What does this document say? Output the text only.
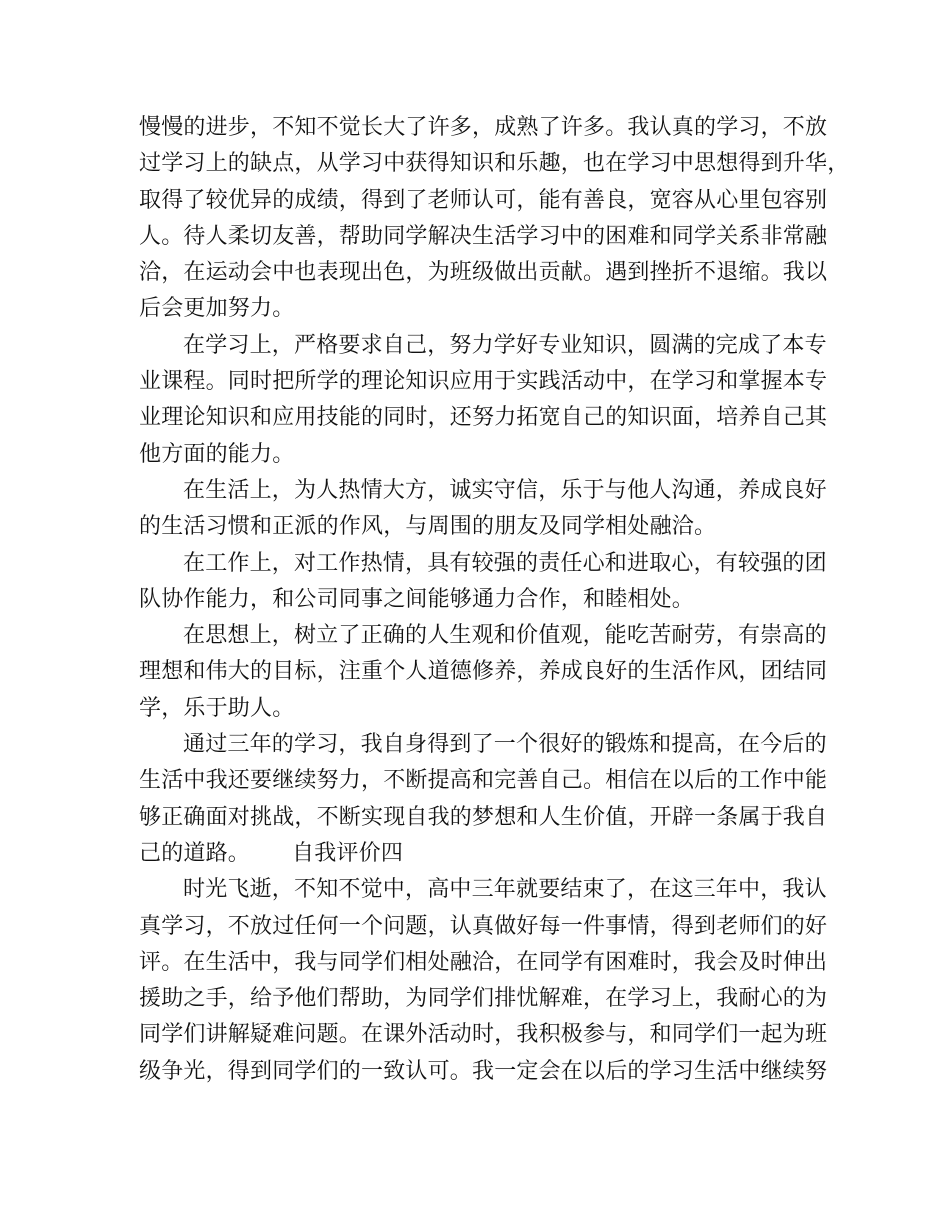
慢慢的进步，不知不觉长大了许多，成熟了许多。我认真的学习，不放
过学习上的缺点，从学习中获得知识和乐趣，也在学习中思想得到升华，
取得了较优异的成绩，得到了老师认可，能有善良，宽容从心里包容别
人。待人柔切友善，帮助同学解决生活学习中的困难和同学关系非常融
洽，在运动会中也表现出色，为班级做出贡献。遇到挫折不退缩。我以
后会更加努力。
在学习上，严格要求自己，努力学好专业知识，圆满的完成了本专
业课程。同时把所学的理论知识应用于实践活动中，在学习和掌握本专
业理论知识和应用技能的同时，还努力拓宽自己的知识面，培养自己其
他方面的能力。
在生活上，为人热情大方，诚实守信，乐于与他人沟通，养成良好
的生活习惯和正派的作风，与周围的朋友及同学相处融洽。
在工作上，对工作热情，具有较强的责任心和进取心，有较强的团
队协作能力，和公司同事之间能够通力合作，和睦相处。
在思想上，树立了正确的人生观和价值观，能吃苦耐劳，有崇高的
理想和伟大的目标，注重个人道德修养，养成良好的生活作风，团结同
学，乐于助人。
通过三年的学习，我自身得到了一个很好的锻炼和提高，在今后的
生活中我还要继续努力，不断提高和完善自己。相信在以后的工作中能
够正确面对挑战，不断实现自我的梦想和人生价值，开辟一条属于我自
己的道路。 自我评价四
时光飞逝，不知不觉中，高中三年就要结束了，在这三年中，我认
真学习，不放过任何一个问题，认真做好每一件事情，得到老师们的好
评。在生活中，我与同学们相处融洽，在同学有困难时，我会及时伸出
援助之手，给予他们帮助，为同学们排忧解难，在学习上，我耐心的为
同学们讲解疑难问题。在课外活动时，我积极参与，和同学们一起为班
级争光，得到同学们的一致认可。我一定会在以后的学习生活中继续努
